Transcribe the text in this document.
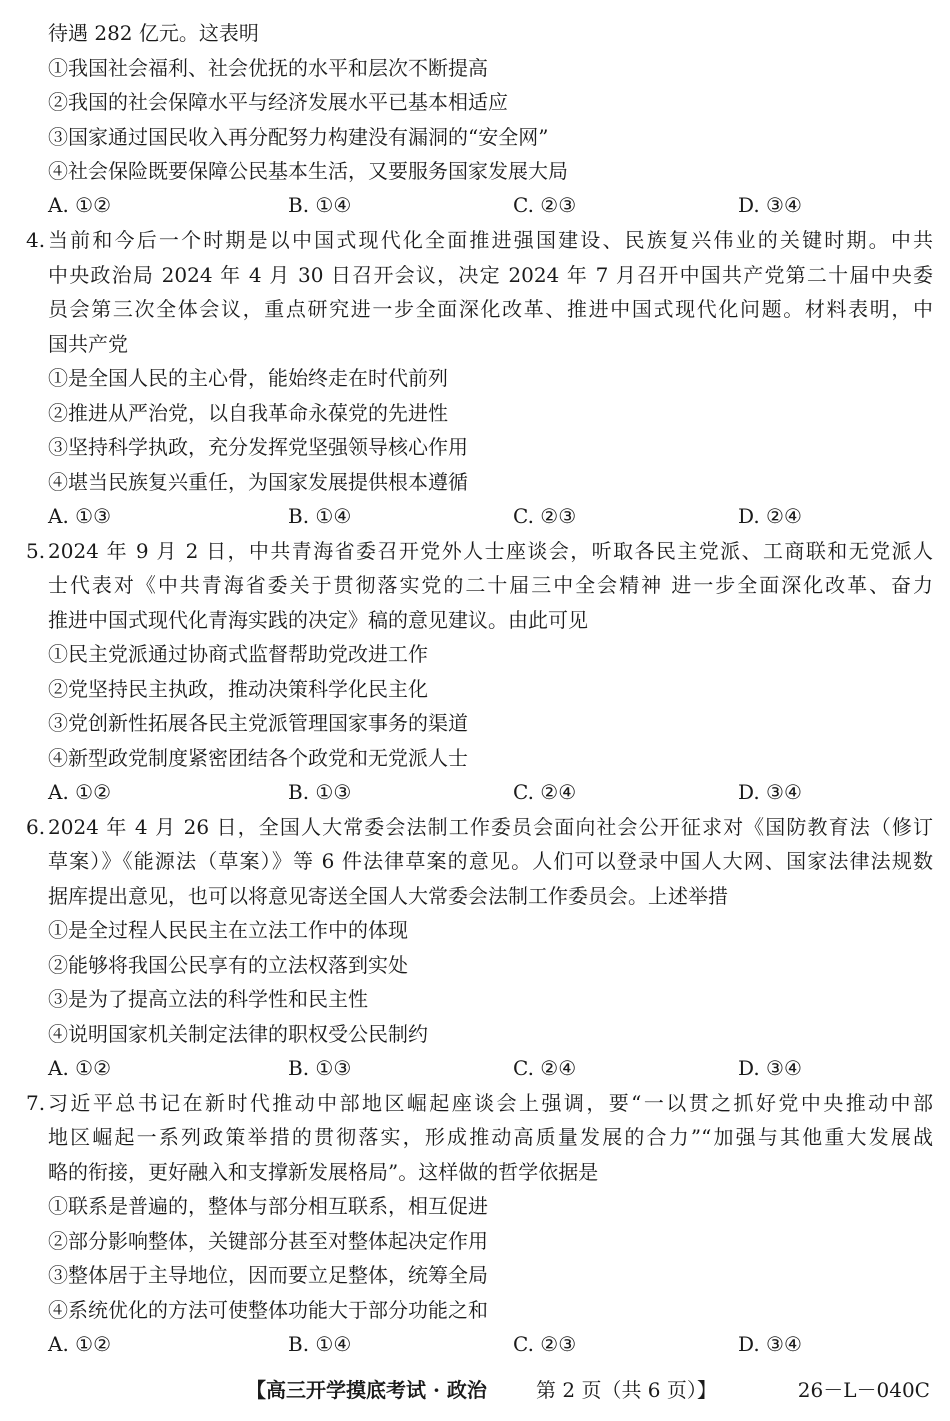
待遇 282 亿元。这表明
①我国社会福利、社会优抚的水平和层次不断提高
②我国的社会保障水平与经济发展水平已基本相适应
③国家通过国民收入再分配努力构建没有漏洞的“安全网”
④社会保险既要保障公民基本生活，又要服务国家发展大局
A. ①②	B. ①④	C. ②③	D. ③④
4. 当前和今后一个时期是以中国式现代化全面推进强国建设、民族复兴伟业的关键时期。中共
中央政治局 2024 年 4 月 30 日召开会议，决定 2024 年 7 月召开中国共产党第二十届中央委
员会第三次全体会议，重点研究进一步全面深化改革、推进中国式现代化问题。材料表明，中
国共产党
①是全国人民的主心骨，能始终走在时代前列
②推进从严治党，以自我革命永葆党的先进性
③坚持科学执政，充分发挥党坚强领导核心作用
④堪当民族复兴重任，为国家发展提供根本遵循
A. ①③	B. ①④	C. ②③	D. ②④
5. 2024 年 9 月 2 日，中共青海省委召开党外人士座谈会，听取各民主党派、工商联和无党派人
士代表对《中共青海省委关于贯彻落实党的二十届三中全会精神 进一步全面深化改革、奋力
推进中国式现代化青海实践的决定》稿的意见建议。由此可见
①民主党派通过协商式监督帮助党改进工作
②党坚持民主执政，推动决策科学化民主化
③党创新性拓展各民主党派管理国家事务的渠道
④新型政党制度紧密团结各个政党和无党派人士
A. ①②	B. ①③	C. ②④	D. ③④
6. 2024 年 4 月 26 日，全国人大常委会法制工作委员会面向社会公开征求对《国防教育法（修订
草案）》《能源法（草案）》等 6 件法律草案的意见。人们可以登录中国人大网、国家法律法规数
据库提出意见，也可以将意见寄送全国人大常委会法制工作委员会。上述举措
①是全过程人民民主在立法工作中的体现
②能够将我国公民享有的立法权落到实处
③是为了提高立法的科学性和民主性
④说明国家机关制定法律的职权受公民制约
A. ①②	B. ①③	C. ②④	D. ③④
7. 习近平总书记在新时代推动中部地区崛起座谈会上强调，要“一以贯之抓好党中央推动中部
地区崛起一系列政策举措的贯彻落实，形成推动高质量发展的合力”“加强与其他重大发展战
略的衔接，更好融入和支撑新发展格局”。这样做的哲学依据是
①联系是普遍的，整体与部分相互联系，相互促进
②部分影响整体，关键部分甚至对整体起决定作用
③整体居于主导地位，因而要立足整体，统筹全局
④系统优化的方法可使整体功能大于部分功能之和
A. ①②	B. ①④	C. ②③	D. ③④
【高三开学摸底考试 · 政治 第 2 页（共 6 页）】	26－L－040C
